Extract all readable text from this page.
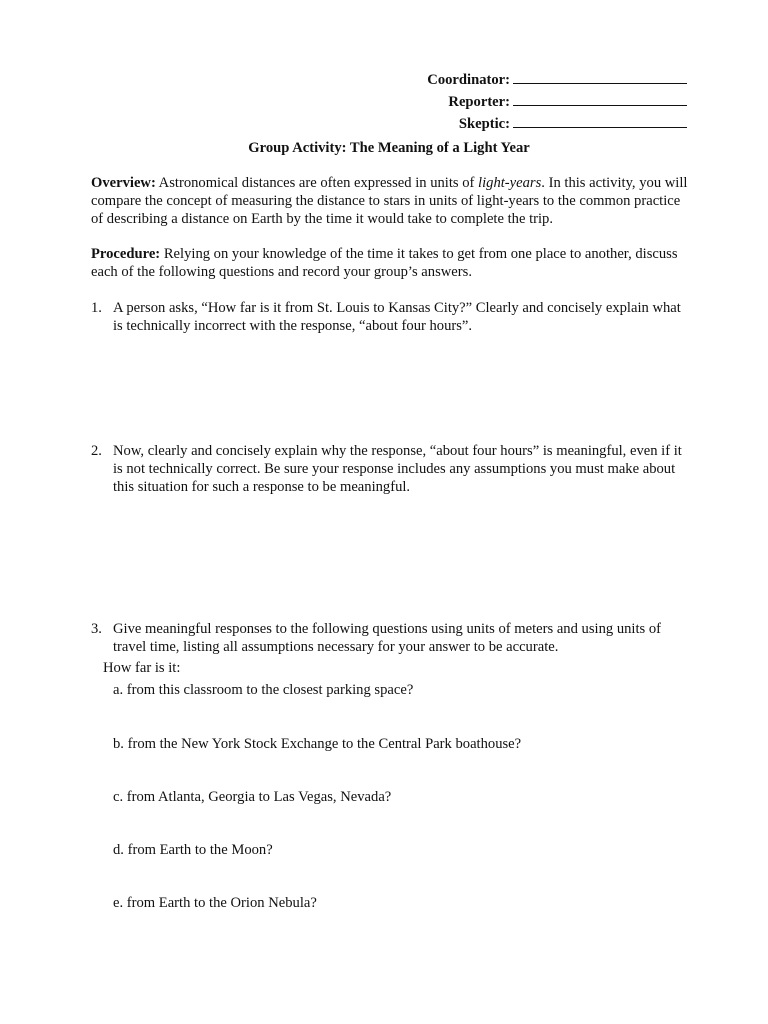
Coordinator:
Reporter:
Skeptic:
Group Activity: The Meaning of a Light Year
Overview: Astronomical distances are often expressed in units of light-years. In this activity, you will compare the concept of measuring the distance to stars in units of light-years to the common practice of describing a distance on Earth by the time it would take to complete the trip.
Procedure: Relying on your knowledge of the time it takes to get from one place to another, discuss each of the following questions and record your group’s answers.
1. A person asks, “How far is it from St. Louis to Kansas City?” Clearly and concisely explain what is technically incorrect with the response, “about four hours”.
2. Now, clearly and concisely explain why the response, “about four hours” is meaningful, even if it is not technically correct. Be sure your response includes any assumptions you must make about this situation for such a response to be meaningful.
3. Give meaningful responses to the following questions using units of meters and using units of travel time, listing all assumptions necessary for your answer to be accurate.
How far is it:
a. from this classroom to the closest parking space?
b. from the New York Stock Exchange to the Central Park boathouse?
c. from Atlanta, Georgia to Las Vegas, Nevada?
d. from Earth to the Moon?
e. from Earth to the Orion Nebula?
